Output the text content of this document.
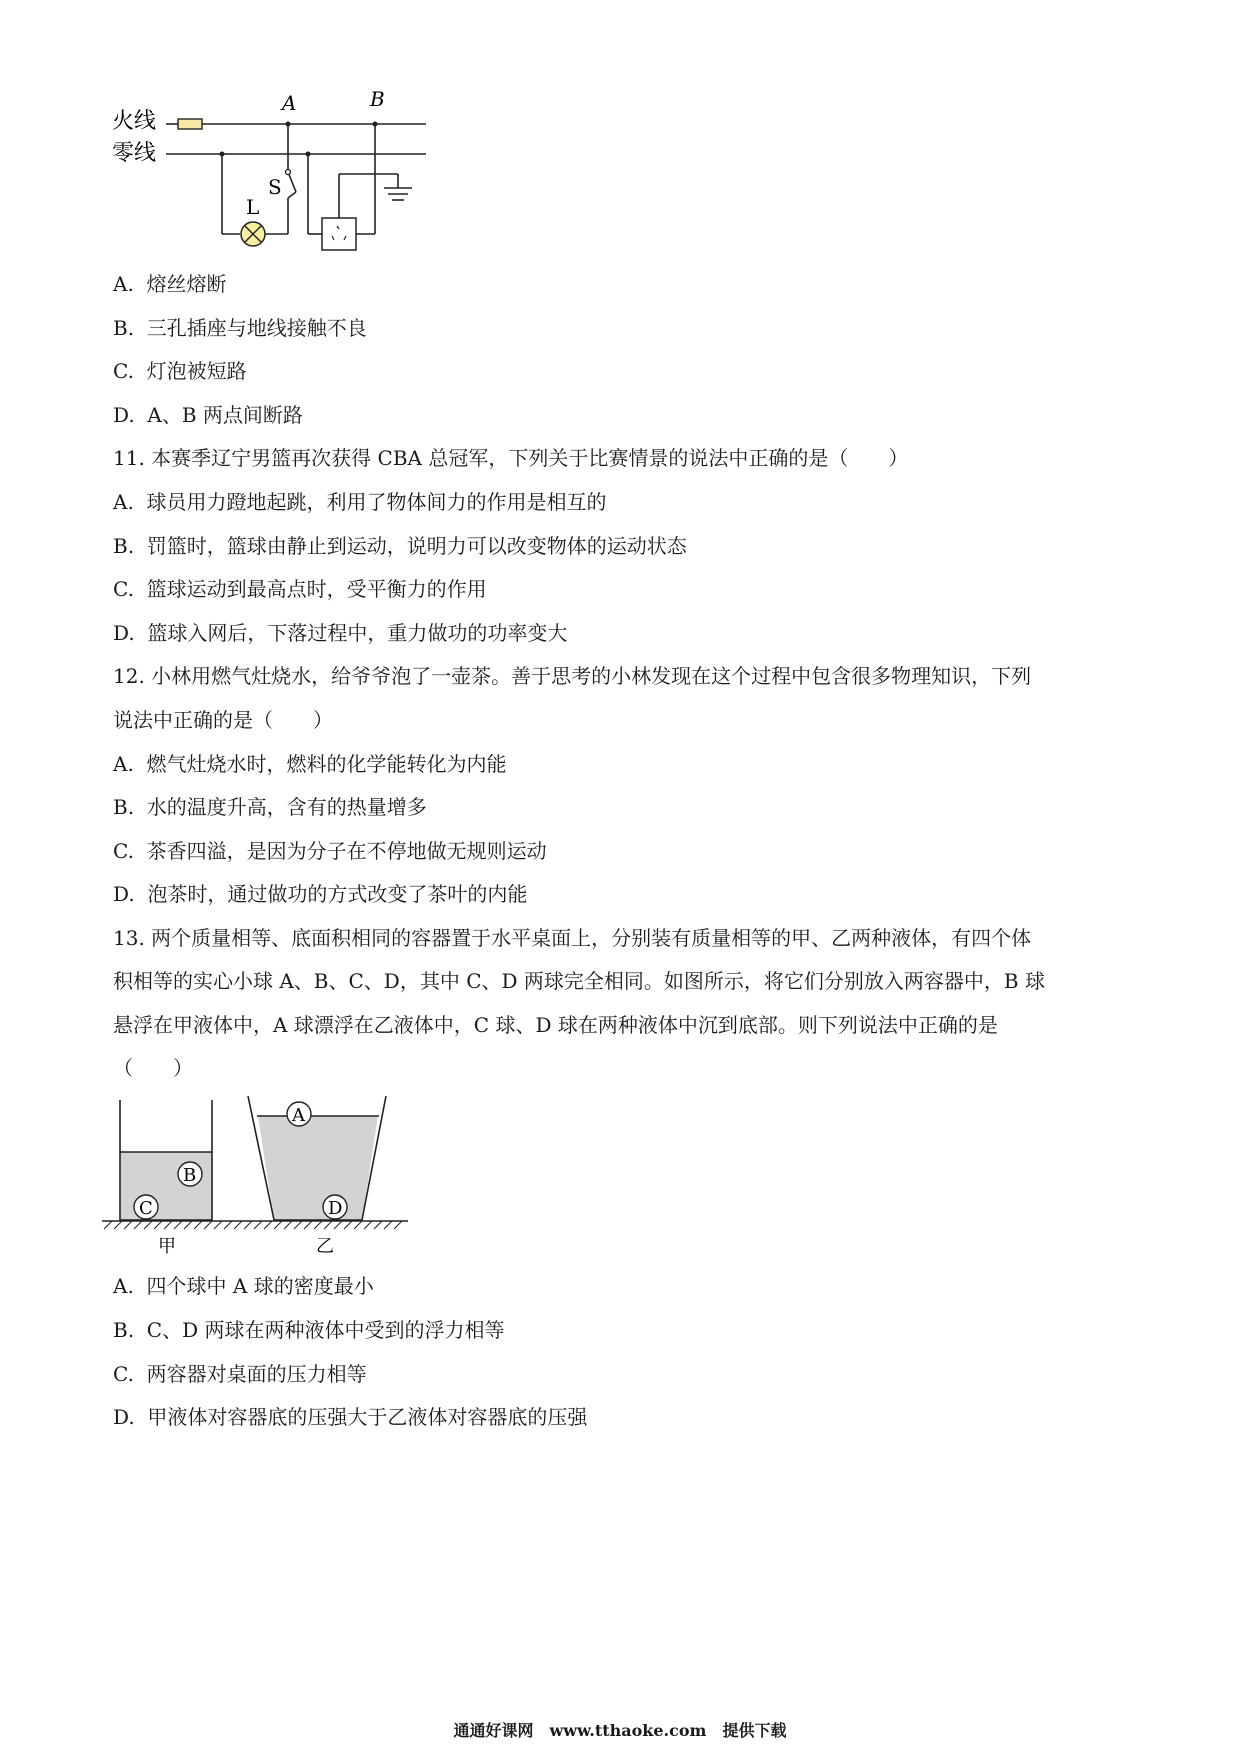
火线
零线
A	B
L
S
A. 熔丝熔断
B. 三孔插座与地线接触不良
C. 灯泡被短路
D. A、B 两点间断路
11. 本赛季辽宁男篮再次获得 CBA 总冠军，下列关于比赛情景的说法中正确的是（　　）
A. 球员用力蹬地起跳，利用了物体间力的作用是相互的
B. 罚篮时，篮球由静止到运动，说明力可以改变物体的运动状态
C. 篮球运动到最高点时，受平衡力的作用
D. 篮球入网后，下落过程中，重力做功的功率变大
12. 小林用燃气灶烧水，给爷爷泡了一壶茶。善于思考的小林发现在这个过程中包含很多物理知识，下列
说法中正确的是（　　）
A. 燃气灶烧水时，燃料的化学能转化为内能
B. 水的温度升高，含有的热量增多
C. 茶香四溢，是因为分子在不停地做无规则运动
D. 泡茶时，通过做功的方式改变了茶叶的内能
13. 两个质量相等、底面积相同的容器置于水平桌面上，分别装有质量相等的甲、乙两种液体，有四个体
积相等的实心小球 A、B、C、D，其中 C、D 两球完全相同。如图所示，将它们分别放入两容器中，B 球
悬浮在甲液体中，A 球漂浮在乙液体中，C 球、D 球在两种液体中沉到底部。则下列说法中正确的是
（　　）
B
C
A
D
甲	乙
A. 四个球中 A 球的密度最小
B. C、D 两球在两种液体中受到的浮力相等
C. 两容器对桌面的压力相等
D. 甲液体对容器底的压强大于乙液体对容器底的压强
通通好课网　www.tthaoke.com　提供下载
